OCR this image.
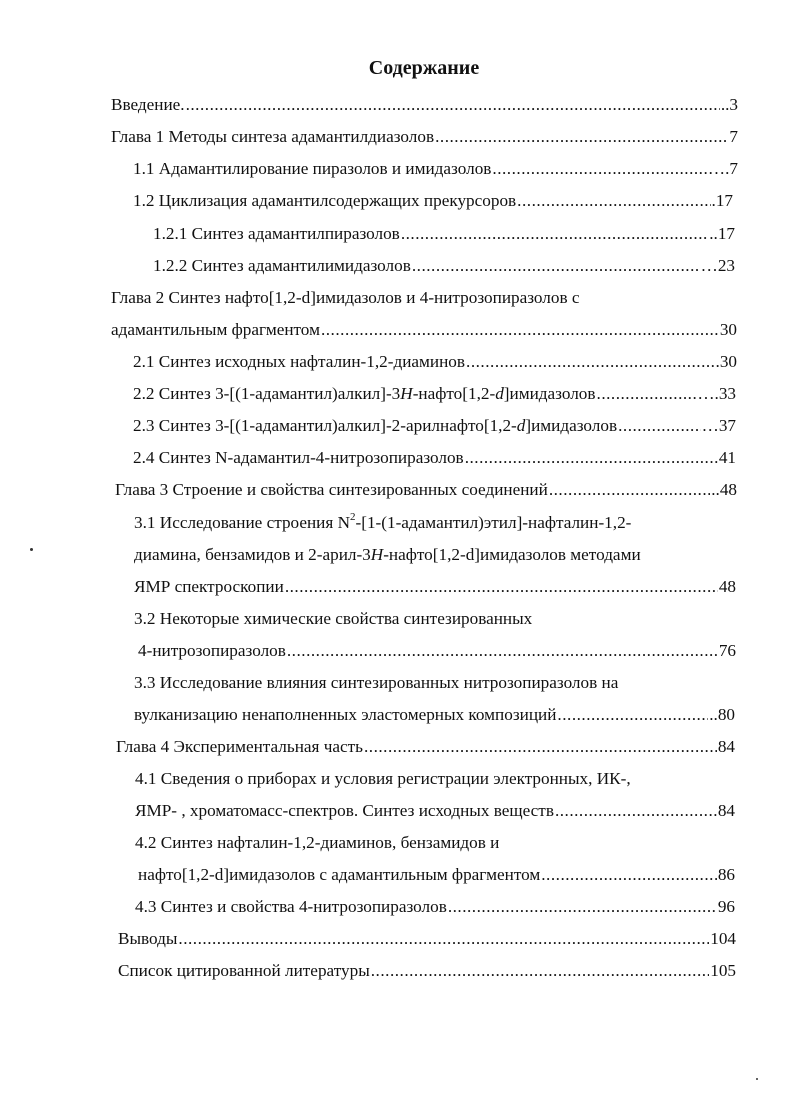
Содержание
Введение. .....	..3
Глава 1 Методы синтеза адамантилдиазолов .....	7
1.1 Адамантилирование пиразолов и имидазолов .....	….7
1.2 Циклизация адамантилсодержащих прекурсоров .....	.17
1.2.1 Синтез адамантилпиразолов .....	..17
1.2.2 Синтез адамантилимидазолов .....	…23
Глава 2 Синтез нафто[1,2-d]имидазолов и 4-нитрозопиразолов с
адамантильным фрагментом .....	30
2.1 Синтез исходных нафталин-1,2-диаминов .....	30
2.2 Синтез 3-[(1-адамантил)алкил]-3H-нафто[1,2-d]имидазолов .....	….33
2.3 Синтез 3-[(1-адамантил)алкил]-2-арилнафто[1,2-d]имидазолов .....	…37
2.4 Синтез N-адамантил-4-нитрозопиразолов .....	41
Глава 3 Строение и свойства синтезированных соединений .....	..48
3.1 Исследование строения $N^2-[1-(1-адамантил)этил]-нафталин-1,2-$
диамина, бензамидов и 2-арил-3H-нафто[1,2-d]имидазолов методами
ЯМР спектроскопии .....	48
3.2 Некоторые химические свойства синтезированных
4-нитрозопиразолов .....	76
3.3 Исследование влияния синтезированных нитрозопиразолов на
вулканизацию ненаполненных эластомерных композиций .....	..80
Глава 4 Экспериментальная часть .....	84
4.1 Сведения о приборах и условия регистрации электронных, ИК-,
ЯМР- , хроматомасс-спектров. Синтез исходных веществ .....	84
4.2 Синтез нафталин-1,2-диаминов, бензамидов и
нафто[1,2-d]имидазолов с адамантильным фрагментом .....	86
4.3 Синтез и свойства 4-нитрозопиразолов .....	96
Выводы .....	104
Список цитированной литературы .....	105
